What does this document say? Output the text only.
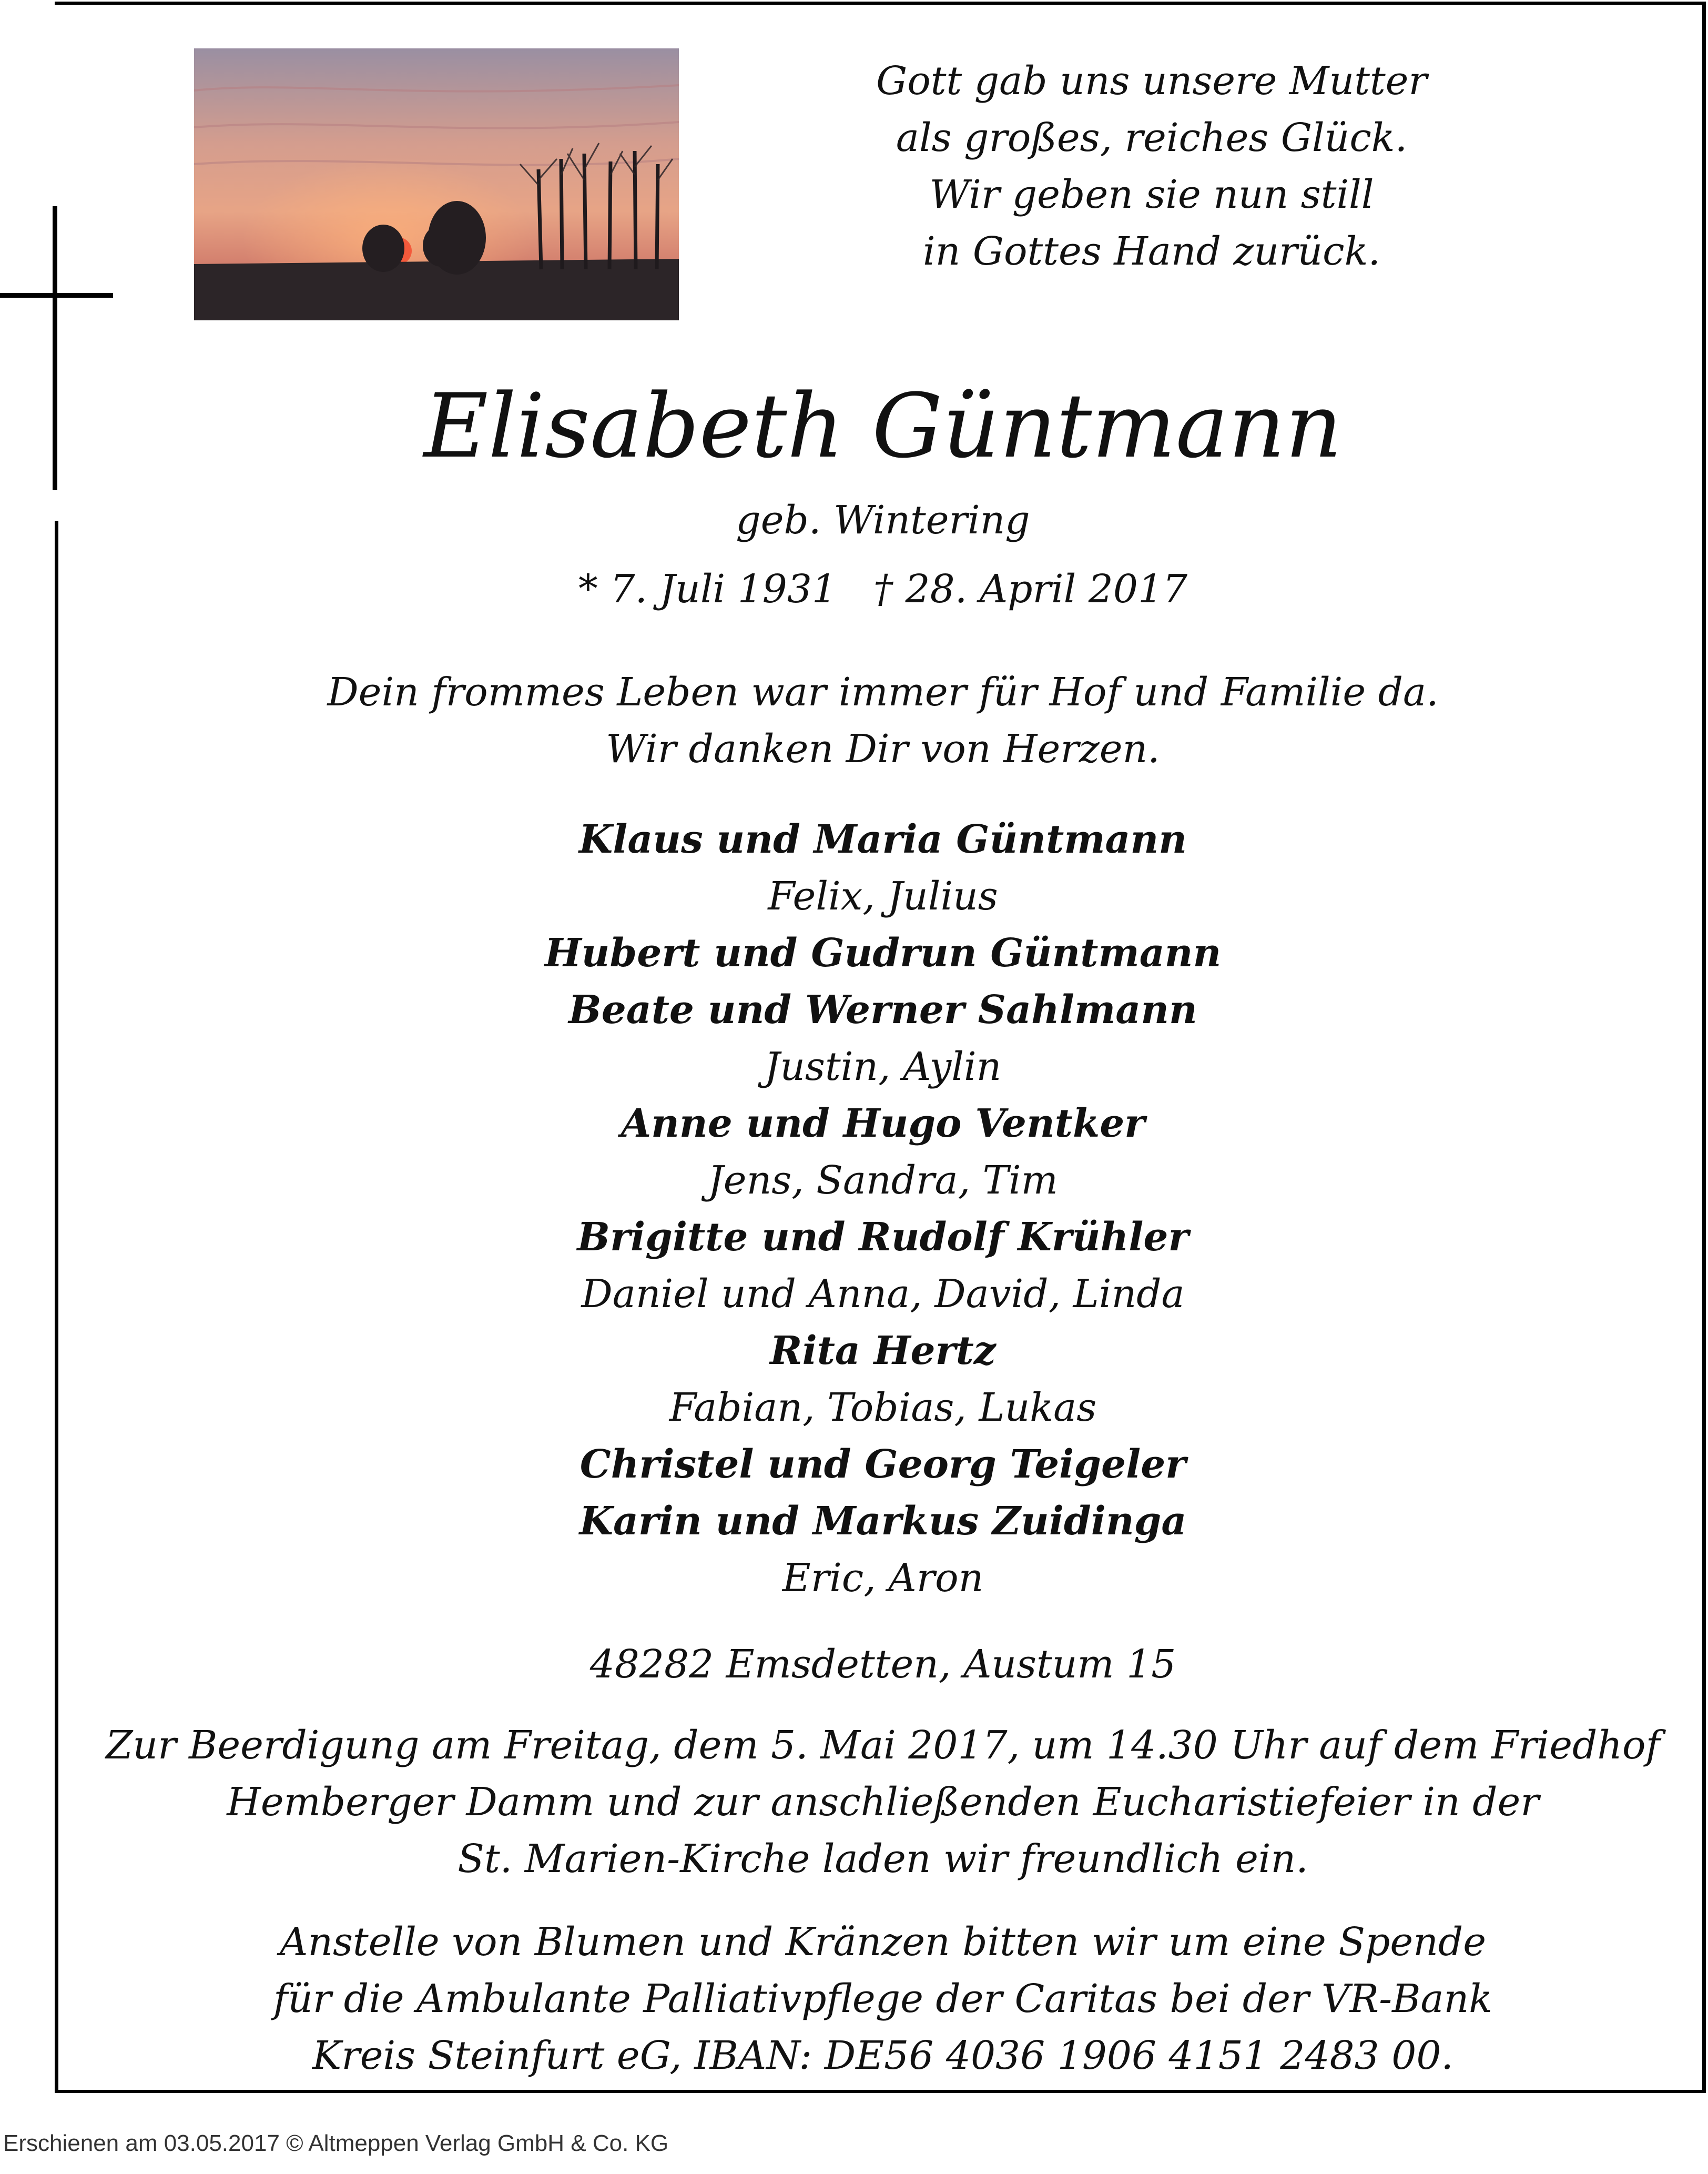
Gott gab uns unsere Mutter
als großes, reiches Glück.
Wir geben sie nun still
in Gottes Hand zurück.
Elisabeth Güntmann
geb. Wintering
* 7. Juli 1931 † 28. April 2017
Dein frommes Leben war immer für Hof und Familie da.
Wir danken Dir von Herzen.
Klaus und Maria Güntmann
Felix, Julius
Hubert und Gudrun Güntmann
Beate und Werner Sahlmann
Justin, Aylin
Anne und Hugo Ventker
Jens, Sandra, Tim
Brigitte und Rudolf Krühler
Daniel und Anna, David, Linda
Rita Hertz
Fabian, Tobias, Lukas
Christel und Georg Teigeler
Karin und Markus Zuidinga
Eric, Aron
48282 Emsdetten, Austum 15
Zur Beerdigung am Freitag, dem 5. Mai 2017, um 14.30 Uhr auf dem Friedhof
Hemberger Damm und zur anschließenden Eucharistiefeier in der
St. Marien-Kirche laden wir freundlich ein.
Anstelle von Blumen und Kränzen bitten wir um eine Spende
für die Ambulante Palliativpflege der Caritas bei der VR-Bank
Kreis Steinfurt eG, IBAN: DE56 4036 1906 4151 2483 00.
Erschienen am 03.05.2017 © Altmeppen Verlag GmbH & Co. KG
